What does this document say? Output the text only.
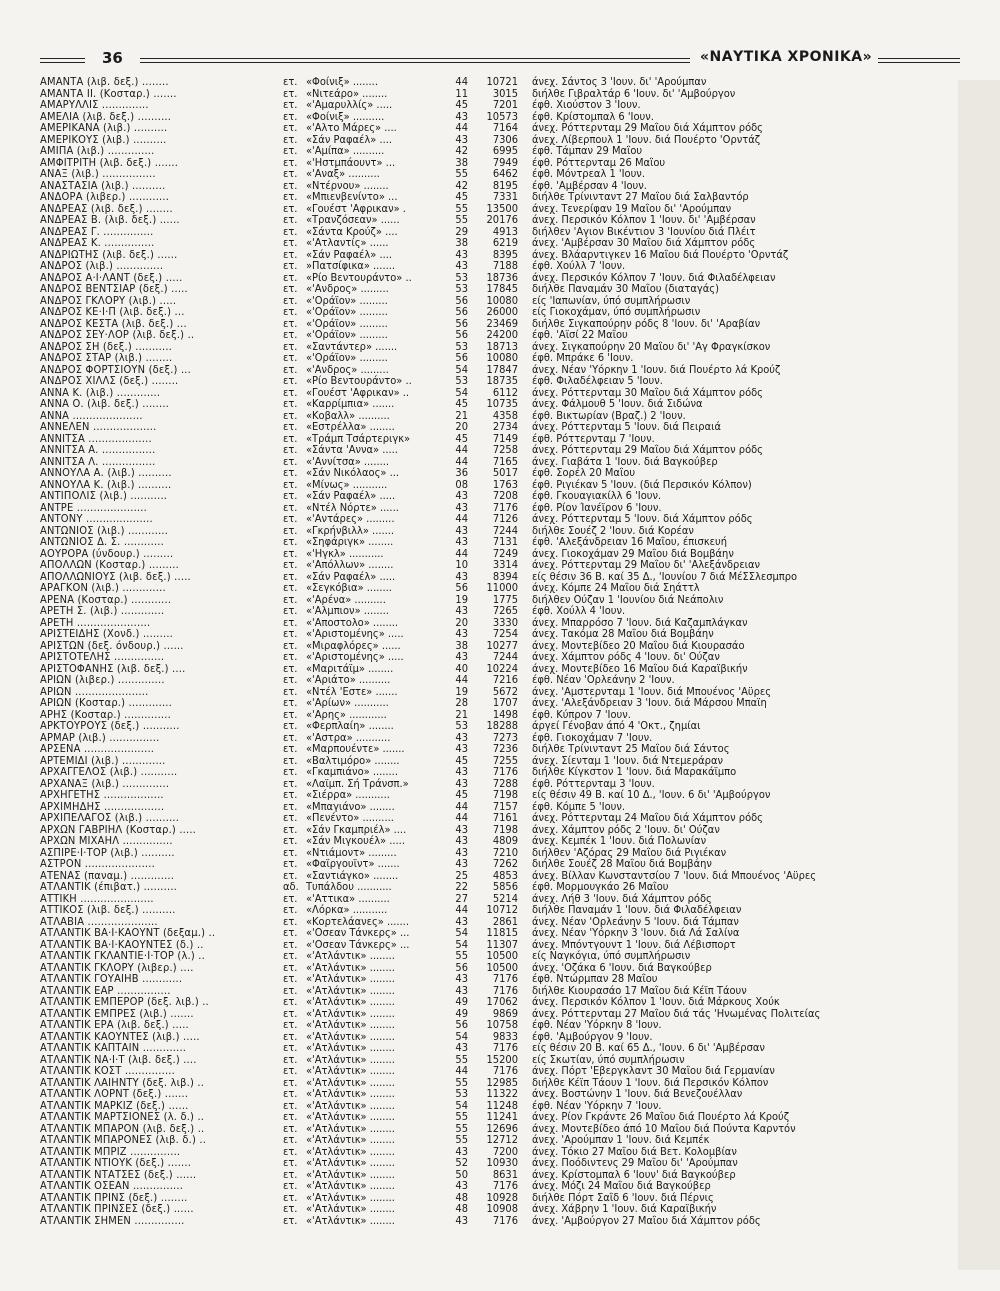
36	«ΝΑΥΤΙΚΑ ΧΡΟΝΙΚΑ»
ΑΜΑΝΤΑ (λιβ. δεξ.) ........	ετ. «Φοίνιξ» ........	44	10721 άνεχ. Σάντος 3 'Ιουν. δι' 'Αρούμπαν
ΑΜΑΝΤΑ ΙΙ. (Κοσταρ.) .......	ετ. «Νιτεάρο» ........	11	3015 διήλθε Γιβραλτάρ 6 'Ιουν. δι' 'Αμβούργον
ΑΜΑΡΥΛΛΙΣ ..............	ετ. «'Αμαρυλλίς» .....	45	7201 έφθ. Χιούστον 3 'Ιουν.
ΑΜΕΛΙΑ (λιβ. δεξ.) ..........	ετ. «Φοίνιξ» ..........	43	10573 έφθ. Κρίστομπαλ 6 'Ιουν.
ΑΜΕΡΙΚΑΝΑ (λιβ.) ..........	ετ. «'Αλτο Μάρες» ....	44	7164 άνεχ. Ρόττερνταμ 29 Μαΐου διά Χάμπτον ρόδς
ΑΜΕΡΙΚΟΥΣ (λιβ.) ..........	ετ. «Σάν Ραφαέλ» ....	43	7306 άνεχ. Λίβερπουλ 1 'Ιουν. διά Πουέρτο 'Ορντάζ
ΑΜΙΠΑ (λιβ.) ..............	ετ. «'Αμίπα» ..........	42	6995 έφθ. Τάμπαν 29 Μαΐου
ΑΜΦΙΤΡΙΤΗ (λιβ. δεξ.) .......	ετ. «'Ηστμπάουντ» ...	38	7949 έφθ. Ρόττερνταμ 26 Μαΐου
ΑΝΑΞ (λιβ.) ................	ετ. «'Αναξ» ..........	55	6462 έφθ. Μόντρεαλ 1 'Ιουν.
ΑΝΑΣΤΑΣΙΑ (λιβ.) ..........	ετ. «Ντέρνου» ........	42	8195 έφθ. 'Αμβέρσαν 4 'Ιουν.
ΑΝΔΟΡΑ (λιβερ.) ............	ετ. «Μπιενβενίντο» ...	45	7331 διήλθε Τρίνινταντ 27 Μαΐου διά Σαλβαντόρ
ΑΝΔΡΕΑΣ (λιβ. δεξ.) ........	ετ. «Γουέστ 'Αφρικαν» .	55	13500 άνεχ. Τενερίφαν 19 Μαΐου δι' 'Αρούμπαν
ΑΝΔΡΕΑΣ Β. (λιβ. δεξ.) ......	ετ. «Τρανζόσεαν» ......	55	20176 άνεχ. Περσικόν Κόλπον 1 'Ιουν. δι' 'Αμβέρσαν
ΑΝΔΡΕΑΣ Γ. ...............	ετ. «Σάντα Κρούζ» ....	29	4913 διήλθεν 'Αγιον Βικέντιον 3 'Ιουνίου διά Πλέιτ
ΑΝΔΡΕΑΣ Κ. ...............	ετ. «'Ατλαντίς» ......	38	6219 άνεχ. 'Αμβέρσαν 30 Μαΐου διά Χάμπτον ρόδς
ΑΝΔΡΙΩΤΗΣ (λιβ. δεξ.) ......	ετ. «Σάν Ραφαέλ» ....	43	8395 άνεχ. Βλάαρντιγκεν 16 Μαΐου διά Πουέρτο 'Ορντάζ
ΑΝΔΡΟΣ (λιβ.) ..............	ετ. »Πατσίφικα» .......	43	7188 έφθ. Χούλλ 7 'Ιουν.
ΑΝΔΡΟΣ Α·Ι·ΛΑΝΤ (δεξ.) .....	ετ. «Ρίο Βεντουράντο» ..	53	18736 άνεχ. Περσικόν Κόλπον 7 'Ιουν. διά Φιλαδέλφειαν
ΑΝΔΡΟΣ ΒΕΝΤΣΙΑΡ (δεξ.) .....	ετ. «'Ανδρος» .........	53	17845 διήλθε Παναμάν 30 Μαΐου (διαταγάς)
ΑΝΔΡΟΣ ΓΚΛΟΡΥ (λιβ.) .....	ετ. «'Οράϊον» .........	56	10080 είς 'Ιαπωνίαν, ύπό συμπλήρωσιν
ΑΝΔΡΟΣ ΚΕ·Ι·Π (λιβ. δεξ.) ...	ετ. «'Οράϊον» .........	56	26000 είς Γιοκοχάμαν, ύπό συμπλήρωσιν
ΑΝΔΡΟΣ ΚΕΣΤΑ (λιβ. δεξ.) ...	ετ. «'Οράϊον» .........	56	23469 διήλθε Σιγκαπούρην ρόδς 8 'Ιουν. δι' 'Αραβίαν
ΑΝΔΡΟΣ ΣΕΥ·ΛΟΡ (λιβ. δεξ.) ..	ετ. «'Οράϊον» .........	56	24200 έφθ. 'Αϊσί 22 Μαΐου
ΑΝΔΡΟΣ ΣΗ (δεξ.) ...........	ετ. «Σαντάντερ» .......	53	18713 άνεχ. Σιγκαπούρην 20 Μαΐου δι' 'Αγ Φραγκίσκον
ΑΝΔΡΟΣ ΣΤΑΡ (λιβ.) ........	ετ. «'Οράϊον» .........	56	10080 έφθ. Μπράκε 6 'Ιουν.
ΑΝΔΡΟΣ ΦΟΡΤΣΙΟΥΝ (δεξ.) ...	ετ. «'Ανδρος» .........	54	17847 άνεχ. Νέαν 'Υόρκην 1 'Ιουν. διά Πουέρτο λά Κρούζ
ΑΝΔΡΟΣ ΧΙΛΛΣ (δεξ.) ........	ετ. «Ρίο Βεντουράντο» ..	53	18735 έφθ. Φιλαδέλφειαν 5 'Ιουν.
ΑΝΝΑ Κ. (λιβ.) .............	ετ. «Γουέστ 'Αφρικαν» ..	54	6112 άνεχ. Ρόττερνταμ 30 Μαΐου διά Χάμπτον ρόδς
ΑΝΝΑ Ο. (λιβ. δεξ.) ........	ετ. «Καρρίμπια» .......	45	10735 άνεχ. Φάλμουθ 5 'Ιουν. διά Σιδώνα
ΑΝΝΑ .....................	ετ. «Κοβαλλ» ..........	21	4358 έφθ. Βικτωρίαν (Βραζ.) 2 'Ιουν.
ΑΝΝΕΛΕΝ ...................	ετ. «Εστρέλλα» ........	20	2734 άνεχ. Ρόττερνταμ 5 'Ιουν. διά Πειραιά
ΑΝΝΙΤΣΑ ...................	ετ. «Τράμπ Τσάρτεριγκ»	45	7149 έφθ. Ρόττερνταμ 7 'Ιουν.
ΑΝΝΙΤΣΑ Α. ................	ετ. «Σάντα 'Αννα» .....	44	7258 άνεχ. Ρόττερνταμ 29 Μαΐου διά Χάμπτον ρόδς
ΑΝΝΙΤΣΑ Λ. ................	ετ. «'Αννίτσα» ........	44	7165 άνεχ. Γιαβάτα 1 'Ιουν. διά Βαγκούβερ
ΑΝΝΟΥΛΑ Α. (λιβ.) ..........	ετ. «Σάν Νικόλαος» ...	36	5017 έφθ. Σορέλ 20 Μαΐου
ΑΝΝΟΥΛΑ Κ. (λιβ.) ..........	ετ. «Μίνως» ...........	08	1763 έφθ. Ριγιέκαν 5 'Ιουν. (διά Περσικόν Κόλπον)
ΑΝΤΙΠΟΛΙΣ (λιβ.) ...........	ετ. «Σάν Ραφαέλ» .....	43	7208 έφθ. Γκουαγιακίλλ 6 'Ιουν.
ΑΝΤΡΕ .....................	ετ. «Ντέλ Νόρτε» ......	43	7176 έφθ. Ρίον Ίανέϊρον 6 'Ιουν.
ΑΝΤΟΝΥ ....................	ετ. «'Αντάρες» .........	44	7126 άνεχ. Ρόττερνταμ 5 'Ιουν. διά Χάμπτον ρόδς
ΑΝΤΩΝΙΟΣ (λιβ.) ............	ετ. «Γκρήνβιλλ» .......	43	7244 διήλθε Σουέζ 2 'Ιουν. διά Κορέαν
ΑΝΤΩΝΙΟΣ Δ. Σ. ............	ετ. «Σηφάριγκ» ........	43	7131 έφθ. 'Αλεξάνδρειαν 16 Μαΐου, έπισκευή
ΑΟΥΡΟΡΑ (ύνδουρ.) .........	ετ. «'Ηγκλ» ...........	44	7249 άνεχ. Γιοκοχάμαν 29 Μαΐου διά Βομβάην
ΑΠΟΛΛΩΝ (Κοσταρ.) .........	ετ. «'Απόλλων» ........	10	3314 άνεχ. Ρόττερνταμ 29 Μαΐου δι' 'Αλεξάνδρειαν
ΑΠΟΛΛΩΝΙΟΥΣ (λιβ. δεξ.) .....	ετ. «Σάν Ραφαέλ» .....	43	8394 είς θέσιν 36 Β. καί 35 Δ., 'Ιουνίου 7 διά ΜέΣΣλεσμπρο
ΑΡΑΓΚΟΝ (λιβ.) .............	ετ. «Σεγκόβια» ........	56	11000 άνεχ. Κόμπε 24 Μαΐου διά Σηάττλ
ΑΡΕΝΑ (Κοσταρ.) ............	ετ. «'Αρένα» ..........	19	1775 διήλθεν Ούζαν 1 'Ιουνίου διά Νεάπολιν
ΑΡΕΤΗ Σ. (λιβ.) .............	ετ. «'Αλμπιον» ........	43	7265 έφθ. Χούλλ 4 'Ιουν.
ΑΡΕΤΗ ......................	ετ. «'Αποστολο» ........	20	3330 άνεχ. Μπαρρόσο 7 'Ιουν. διά Καζαμπλάγκαν
ΑΡΙΣΤΕΙΔΗΣ (Χονδ.) .........	ετ. «'Αριστομένης» .....	43	7254 άνεχ. Τακόμα 28 Μαΐου διά Βομβάην
ΑΡΙΣΤΩΝ (δεξ. όνδουρ.) ......	ετ. «Μιραφλόρες» ......	38	10277 άνεχ. Μοντεβίδεο 20 Μαΐου διά Κιουρασάο
ΑΡΙΣΤΟΤΕΛΗΣ ...............	ετ. «'Αριστομένης» .....	43	7244 άνεχ. Χάμπτον ρόδς 4 'Ιουν. δι' Ούζαν
ΑΡΙΣΤΟΦΑΝΗΣ (λιβ. δεξ.) ....	ετ. «Μαριτάϊμ» ........	40	10224 άνεχ. Μοντεβίδεο 16 Μαΐου διά Καραϊβικήν
ΑΡΙΩΝ (λιβερ.) ..............	ετ. «'Αριάτο» ..........	44	7216 έφθ. Νέαν 'Ορλεάνην 2 'Ιουν.
ΑΡΙΩΝ ......................	ετ. «Ντέλ 'Εστε» .......	19	5672 άνεχ. 'Αμστερνταμ 1 'Ιουν. διά Μπουένος 'Αϋρες
ΑΡΙΩΝ (Κοσταρ.) .............	ετ. «'Αρίων» ...........	28	1707 άνεχ. 'Αλεξάνδρειαν 3 'Ιουν. διά Μάρσου Μπαϊη
ΑΡΗΣ (Κοσταρ.) ..............	ετ. «'Αρης» ............	21	1498 έφθ. Κύπρον 7 'Ιουν.
ΑΡΚΤΟΥΡΟΥΣ (δεξ.) ...........	ετ. «Φερπλαίη» ........	53	18288 άργεί Γένοβαν άπό 4 'Οκτ., ζημίαι
ΑΡΜΑΡ (λιβ.) ...............	ετ. «'Αστρα» ...........	43	7273 έφθ. Γιοκοχάμαν 7 'Ιουν.
ΑΡΣΕΝΑ .....................	ετ. «Μαρπουέντε» .......	43	7236 διήλθε Τρίνινταντ 25 Μαΐου διά Σάντος
ΑΡΤΕΜΙΔΙ (λιβ.) .............	ετ. «Βαλτιμόρο» ........	45	7255 άνεχ. Σίενταμ 1 'Ιουν. διά Ντεμεράραν
ΑΡΧΑΓΓΕΛΟΣ (λιβ.) ...........	ετ. «Γκαμπιάνο» ........	43	7176 διήλθε Κίγκστον 1 'Ιουν. διά Μαρακάϊμπο
ΑΡΧΑΝΑΞ (λιβ.) ..............	ετ. «Λαϊμπ. Σή Τράνσπ.»	43	7288 έφθ. Ρόττερνταμ 3 'Ιουν.
ΑΡΧΗΓΕΤΗΣ ..................	ετ. «Σιέρρα» ...........	45	7198 είς θέσιν 49 Β. καί 10 Δ., 'Ιουν. 6 δι' 'Αμβούργον
ΑΡΧΙΜΗΔΗΣ ..................	ετ. «Μπαγιάνο» ........	44	7157 έφθ. Κόμπε 5 'Ιουν.
ΑΡΧΙΠΕΛΑΓΟΣ (λιβ.) ..........	ετ. «Πενέντο» ..........	44	7161 άνεχ. Ρόττερνταμ 24 Μαΐου διά Χάμπτον ρόδς
ΑΡΧΩΝ ΓΑΒΡΙΗΛ (Κοσταρ.) .....	ετ. «Σάν Γκαμπριέλ» ....	43	7198 άνεχ. Χάμπτον ρόδς 2 'Ιουν. δι' Ούζαν
ΑΡΧΩΝ ΜΙΧΑΗΛ ...............	ετ. «Σάν Μιγκουέλ» .....	43	4809 άνεχ. Κεμπέκ 1 'Ιουν. διά Πολωνίαν
ΑΣΠΙΡΕ·Ι·ΤΟΡ (λιβ.) ..........	ετ. «Ντιάμοντ» .........	43	7210 διήλθεν 'Αζόρας 29 Μαΐου διά Ριγιέκαν
ΑΣΤΡΟΝ .....................	ετ. «Φαϊργουϊντ» .......	43	7262 διήλθε Σουέζ 28 Μαΐου διά Βομβάην
ΑΤΕΝΑΣ (παναμ.) .............	ετ. «Σαντιάγκο» ........	25	4853 άνεχ. Βίλλαν Κωνσταντσίου 7 'Ιουν. διά Μπουένος 'Αϋρες
ΑΤΛΑΝΤΙΚ (έπιβατ.) ..........	αδ. Τυπάλδου ...........	22	5856 έφθ. Μορμουγκάο 26 Μαΐου
ΑΤΤΙΚΗ ......................	ετ. «'Αττικα» ..........	27	5214 άνεχ. Λήθ 3 'Ιουν. διά Χάμπτον ρόδς
ΑΤΤΙΚΟΣ (λιβ. δεξ.) ..........	ετ. «Λόρκα» ...........	44	10712 διήλθε Παναμάν 1 'Ιουν. διά Φιλαδέλφειαν
ΑΤΛΑΒΙΑ .....................	ετ. «Κορτελάανες» .......	43	2861 άνεχ. Νέαν 'Ορλεάνην 5 'Ιουν. διά Τάμπαν
ΑΤΛΑΝΤΙΚ ΒΑ·Ι·ΚΑΟΥΝΤ (δεξαμ.) ..	ετ. «'Οσεαν Τάνκερς» ...	54	11815 άνεχ. Νέαν 'Υόρκην 3 'Ιουν. διά Λά Σαλίνα
ΑΤΛΑΝΤΙΚ ΒΑ·Ι·ΚΑΟΥΝΤΕΣ (δ.) ..	ετ. «'Οσεαν Τάνκερς» ...	54	11307 άνεχ. Μπόντγουντ 1 'Ιουν. διά Λέβισπορτ
ΑΤΛΑΝΤΙΚ ΓΚΛΑΝΤΙΕ·Ι·ΤΟΡ (λ.) ..	ετ. «'Ατλάντικ» ........	55	10500 είς Ναγκόγια, ύπό συμπλήρωσιν
ΑΤΛΑΝΤΙΚ ΓΚΛΟΡΥ (λιβερ.) ....	ετ. «'Ατλάντικ» ........	56	10500 άνεχ. 'Οζάκα 6 'Ιουν. διά Βαγκούβερ
ΑΤΛΑΝΤΙΚ ΓΟΥΑΙΗΒ ............	ετ. «'Ατλάντικ» ........	43	7176 έφθ. Ντώρμπαν 28 Μαΐου
ΑΤΛΑΝΤΙΚ ΕΑΡ ................	ετ. «'Ατλάντικ» ........	43	7176 διήλθε Κιουρασάο 17 Μαΐου διά Κέϊπ Τάουν
ΑΤΛΑΝΤΙΚ ΕΜΠΕΡΟΡ (δεξ. λιβ.) ..	ετ. «'Ατλάντικ» ........	49	17062 άνεχ. Περσικόν Κόλπον 1 'Ιουν. διά Μάρκους Χούκ
ΑΤΛΑΝΤΙΚ ΕΜΠΡΕΣ (λιβ.) .......	ετ. «'Ατλάντικ» ........	49	9869 άνεχ. Ρόττερνταμ 27 Μαΐου διά τάς 'Ηνωμένας Πολιτείας
ΑΤΛΑΝΤΙΚ ΕΡΑ (λιβ. δεξ.) .....	ετ. «'Ατλάντικ» ........	56	10758 έφθ. Νέαν 'Υόρκην 8 'Ιουν.
ΑΤΛΑΝΤΙΚ ΚΑΟΥΝΤΕΣ (λιβ.) .....	ετ. «'Ατλάντικ» ........	54	9833 έφθ. 'Αμβούργον 9 'Ιουν.
ΑΤΛΑΝΤΙΚ ΚΑΠΤΑΙΝ .............	ετ. «'Ατλάντικ» ........	43	7176 είς θέσιν 20 Β. καί 65 Δ., 'Ιουν. 6 δι' 'Αμβέρσαν
ΑΤΛΑΝΤΙΚ ΝΑ·Ι·Τ (λιβ. δεξ.) ....	ετ. «'Ατλάντικ» ........	55	15200 είς Σκωτίαν, ύπό συμπλήρωσιν
ΑΤΛΑΝΤΙΚ ΚΟΣΤ ...............	ετ. «'Ατλάντικ» ........	44	7176 άνεχ. Πόρτ 'Εβεργκλαντ 30 Μαΐου διά Γερμανίαν
ΑΤΛΑΝΤΙΚ ΛΑΙΗΝΤΥ (δεξ. λιβ.) ..	ετ. «'Ατλάντικ» ........	55	12985 διήλθε Κέϊπ Τάουν 1 'Ιουν. διά Περσικόν Κόλπον
ΑΤΛΑΝΤΙΚ ΛΟΡΝΤ (δεξ.) .......	ετ. «'Ατλάντικ» ........	53	11322 άνεχ. Βοστώνην 1 'Ιουν. διά Βενεζουέλλαν
ΑΤΛΑΝΤΙΚ ΜΑΡΚΙΖ (δεξ.) ......	ετ. «'Ατλάντικ» ........	54	11248 έφθ. Νέαν 'Υόρκην 7 'Ιουν.
ΑΤΛΑΝΤΙΚ ΜΑΡΤΣΙΟΝΕΣ (λ. δ.) ..	ετ. «'Ατλάντικ» ........	55	11241 άνεχ. Ρίον Γκράντε 26 Μαΐου διά Πουέρτο λά Κρούζ
ΑΤΛΑΝΤΙΚ ΜΠΑΡΟΝ (λιβ. δεξ.) ..	ετ. «'Ατλάντικ» ........	55	12696 άνεχ. Μοντεβίδεο άπό 10 Μαΐου διά Πούντα Καρντόν
ΑΤΛΑΝΤΙΚ ΜΠΑΡΟΝΕΣ (λιβ. δ.) ..	ετ. «'Ατλάντικ» ........	55	12712 άνεχ. 'Αρούμπαν 1 'Ιουν. διά Κεμπέκ
ΑΤΛΑΝΤΙΚ ΜΠΡΙΖ ...............	ετ. «'Ατλάντικ» ........	43	7200 άνεχ. Τόκιο 27 Μαΐου διά Βετ. Κολομβίαν
ΑΤΛΑΝΤΙΚ ΝΤΙΟΥΚ (δεξ.) .......	ετ. «'Ατλάντικ» ........	52	10930 άνεχ. Ποόδιντενς 29 Μαΐου δι' 'Αρούμπαν
ΑΤΛΑΝΤΙΚ ΝΤΑΤΣΕΣ (δεξ.) ......	ετ. «'Ατλάντικ» ........	50	8631 άνεχ. Κρίστομπαλ 6 'Ιουν' διά Βαγκούβερ
ΑΤΛΑΝΤΙΚ ΟΣΕΑΝ ...............	ετ. «'Ατλάντικ» ........	43	7176 άνεχ. Μόζι 24 Μαΐου διά Βαγκούβερ
ΑΤΛΑΝΤΙΚ ΠΡΙΝΣ (δεξ.) ........	ετ. «'Ατλάντικ» ........	48	10928 διήλθε Πόρτ Σαΐδ 6 'Ιουν. διά Πέρνις
ΑΤΛΑΝΤΙΚ ΠΡΙΝΣΕΣ (δεξ.) ......	ετ. «'Ατλάντικ» ........	48	10908 άνεχ. Χάβρην 1 'Ιουν. διά Καραϊβικήν
ΑΤΛΑΝΤΙΚ ΣΗΜΕΝ ...............	ετ. «'Ατλάντικ» ........	43	7176 άνεχ. 'Αμβούργον 27 Μαΐου διά Χάμπτον ρόδς
